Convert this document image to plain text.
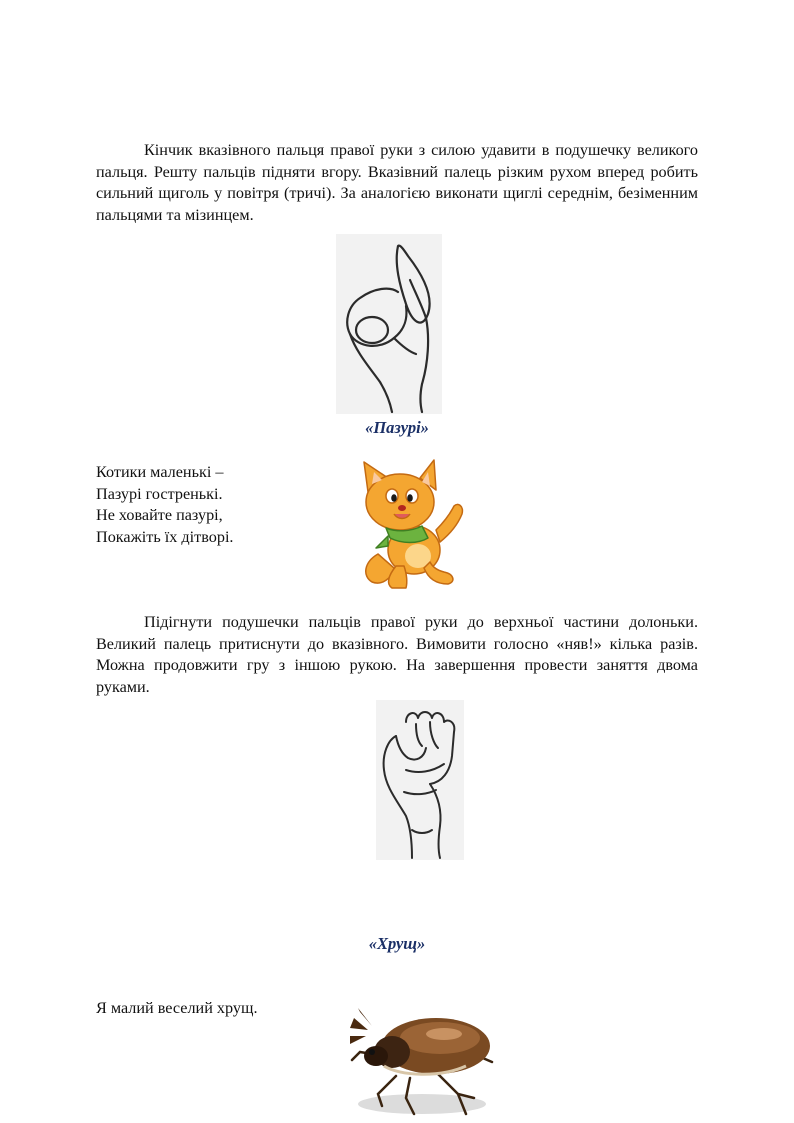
Кінчик вказівного пальця правої руки з силою удавити в подушечку великого пальця. Решту пальців підняти вгору. Вказівний палець різким рухом вперед робить сильний щиголь у повітря (тричі). За аналогією виконати щиглі середнім, безіменним пальцями та мізинцем.

«Пазурі»
Котики маленькі –
Пазурі гостренькі.
Не ховайте пазурі,
Покажіть їх дітворі.

Підігнути подушечки пальців правої руки до верхньої частини долоньки. Великий палець притиснути до вказівного. Вимовити голосно «няв!» кілька разів. Можна продовжити гру з іншою рукою. На завершення провести заняття двома руками.

«Хрущ»

Я малий веселий хрущ.
